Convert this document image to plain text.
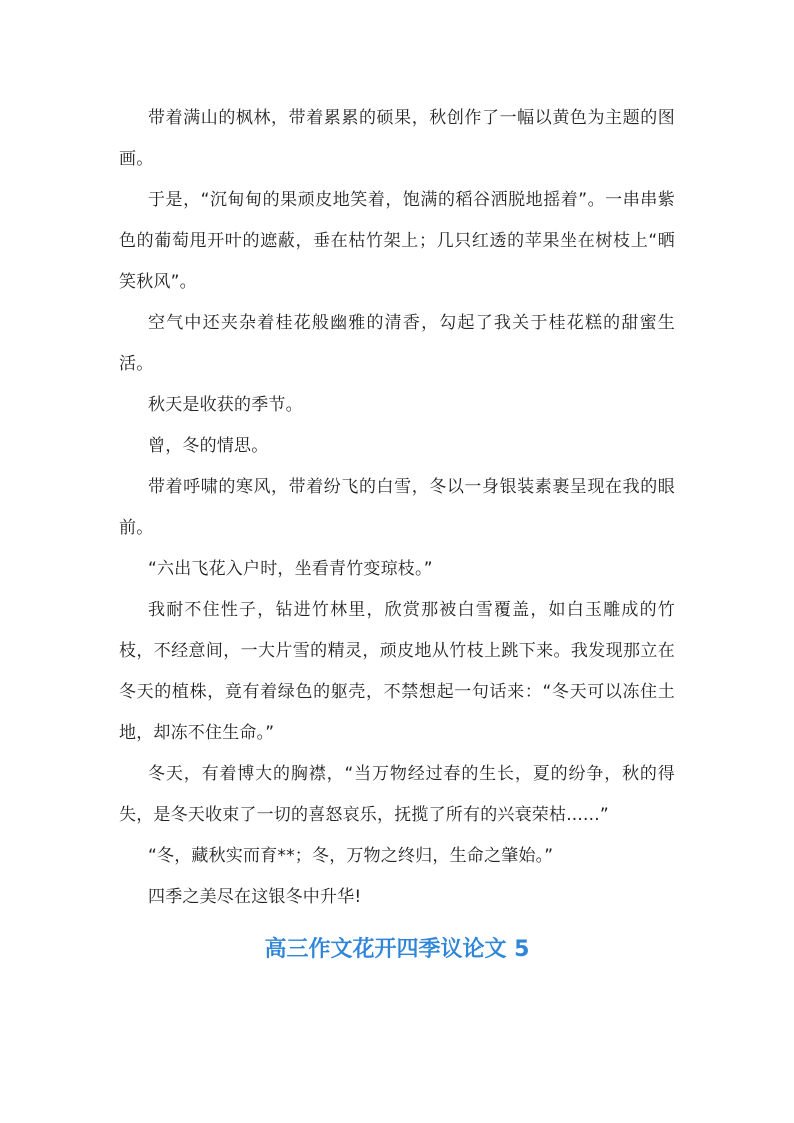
带着满山的枫林，带着累累的硕果，秋创作了一幅以黄色为主题的图画。

于是，“沉甸甸的果顽皮地笑着，饱满的稻谷洒脱地摇着”。一串串紫色的葡萄甩开叶的遮蔽，垂在枯竹架上；几只红透的苹果坐在树枝上“晒笑秋风”。

空气中还夹杂着桂花般幽雅的清香，勾起了我关于桂花糕的甜蜜生活。

秋天是收获的季节。

曾，冬的情思。

带着呼啸的寒风，带着纷飞的白雪，冬以一身银装素裹呈现在我的眼前。

“六出飞花入户时，坐看青竹变琼枝。”

我耐不住性子，钻进竹林里，欣赏那被白雪覆盖，如白玉雕成的竹枝，不经意间，一大片雪的精灵，顽皮地从竹枝上跳下来。我发现那立在冬天的植株，竟有着绿色的躯壳，不禁想起一句话来：“冬天可以冻住土地，却冻不住生命。”

冬天，有着博大的胸襟，“当万物经过春的生长，夏的纷争，秋的得失，是冬天收束了一切的喜怒哀乐，抚揽了所有的兴衰荣枯......”

“冬，藏秋实而育**；冬，万物之终归，生命之肇始。”

四季之美尽在这银冬中升华!

高三作文花开四季议论文 5
